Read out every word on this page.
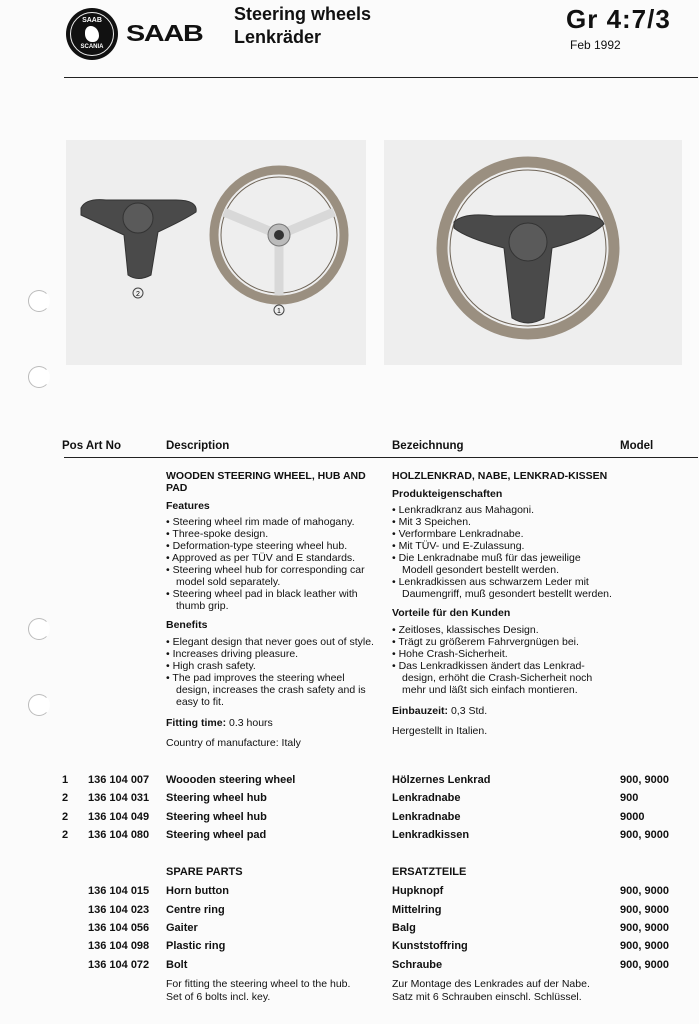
SAAB
SCANIA
SAAB
Steering wheels
Lenkräder
Gr 4:7/3
Feb 1992
2
1
Pos Art No	Description	Bezeichnung	Model
WOODEN STEERING WHEEL, HUB AND PAD
Features
• Steering wheel rim made of mahogany.
• Three-spoke design.
• Deformation-type steering wheel hub.
• Approved as per TÜV and E standards.
• Steering wheel hub for corresponding car model sold separately.
• Steering wheel pad in black leather with thumb grip.
Benefits
• Elegant design that never goes out of style.
• Increases driving pleasure.
• High crash safety.
• The pad improves the steering wheel design, increases the crash safety and is easy to fit.
Fitting time: 0.3 hours
Country of manufacture: Italy
HOLZLENKRAD, NABE, LENKRAD-KISSEN
Produkteigenschaften
• Lenkradkranz aus Mahagoni.
• Mit 3 Speichen.
• Verformbare Lenkradnabe.
• Mit TÜV- und E-Zulassung.
• Die Lenkradnabe muß für das jeweilige Modell gesondert bestellt werden.
• Lenkradkissen aus schwarzem Leder mit Daumengriff, muß gesondert bestellt werden.
Vorteile für den Kunden
• Zeitloses, klassisches Design.
• Trägt zu größerem Fahrvergnügen bei.
• Hohe Crash-Sicherheit.
• Das Lenkradkissen ändert das Lenkrad-design, erhöht die Crash-Sicherheit noch mehr und läßt sich einfach montieren.
Einbauzeit: 0,3 Std.
Hergestellt in Italien.
1 136 104 007 Woooden steering wheel	Hölzernes Lenkrad	900, 9000
2 136 104 031 Steering wheel hub	Lenkradnabe	900
2 136 104 049 Steering wheel hub	Lenkradnabe	9000
2 136 104 080 Steering wheel pad	Lenkradkissen	900, 9000
SPARE PARTS	ERSATZTEILE
136 104 015 Horn button	Hupknopf	900, 9000
136 104 023 Centre ring	Mittelring	900, 9000
136 104 056 Gaiter	Balg	900, 9000
136 104 098 Plastic ring	Kunststoffring	900, 9000
136 104 072 Bolt	Schraube	900, 9000
For fitting the steering wheel to the hub.
Set of 6 bolts incl. key.
Zur Montage des Lenkrades auf der Nabe.
Satz mit 6 Schrauben einschl. Schlüssel.
